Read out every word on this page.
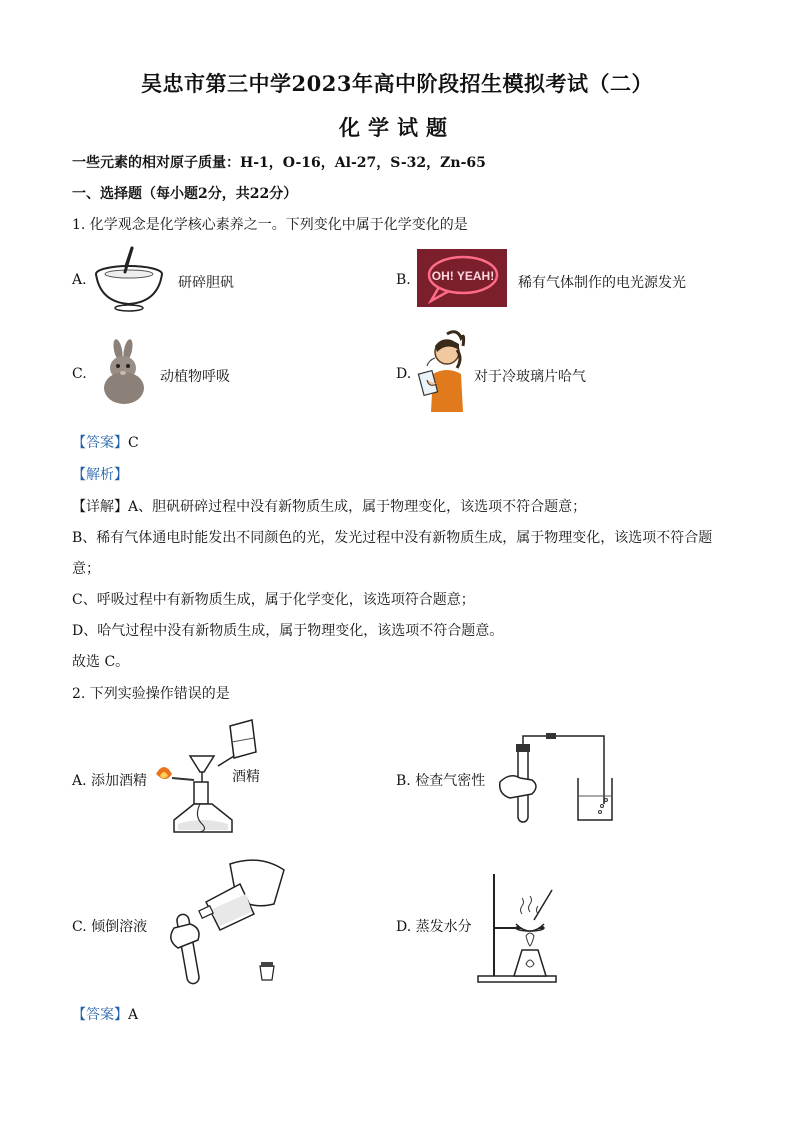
吴忠市第三中学2023年高中阶段招生模拟考试（二）
化学试题
一些元素的相对原子质量：H-1，O-16，Al-27，S-32，Zn-65
一、选择题（每小题2分，共22分）
1. 化学观念是化学核心素养之一。下列变化中属于化学变化的是
A.	研碎胆矾	B. OH! YEAH! 稀有气体制作的电光源发光
C.	动植物呼吸	D.	对于冷玻璃片哈气
【答案】C
【解析】
【详解】A、胆矾研碎过程中没有新物质生成，属于物理变化，该选项不符合题意；
B、稀有气体通电时能发出不同颜色的光，发光过程中没有新物质生成，属于物理变化，该选项不符合题
意；
C、呼吸过程中有新物质生成，属于化学变化，该选项符合题意；
D、哈气过程中没有新物质生成，属于物理变化，该选项不符合题意。
故选 C。
2. 下列实验操作错误的是
A. 添加酒精	酒精	B. 检查气密性
C. 倾倒溶液	D. 蒸发水分
【答案】A
